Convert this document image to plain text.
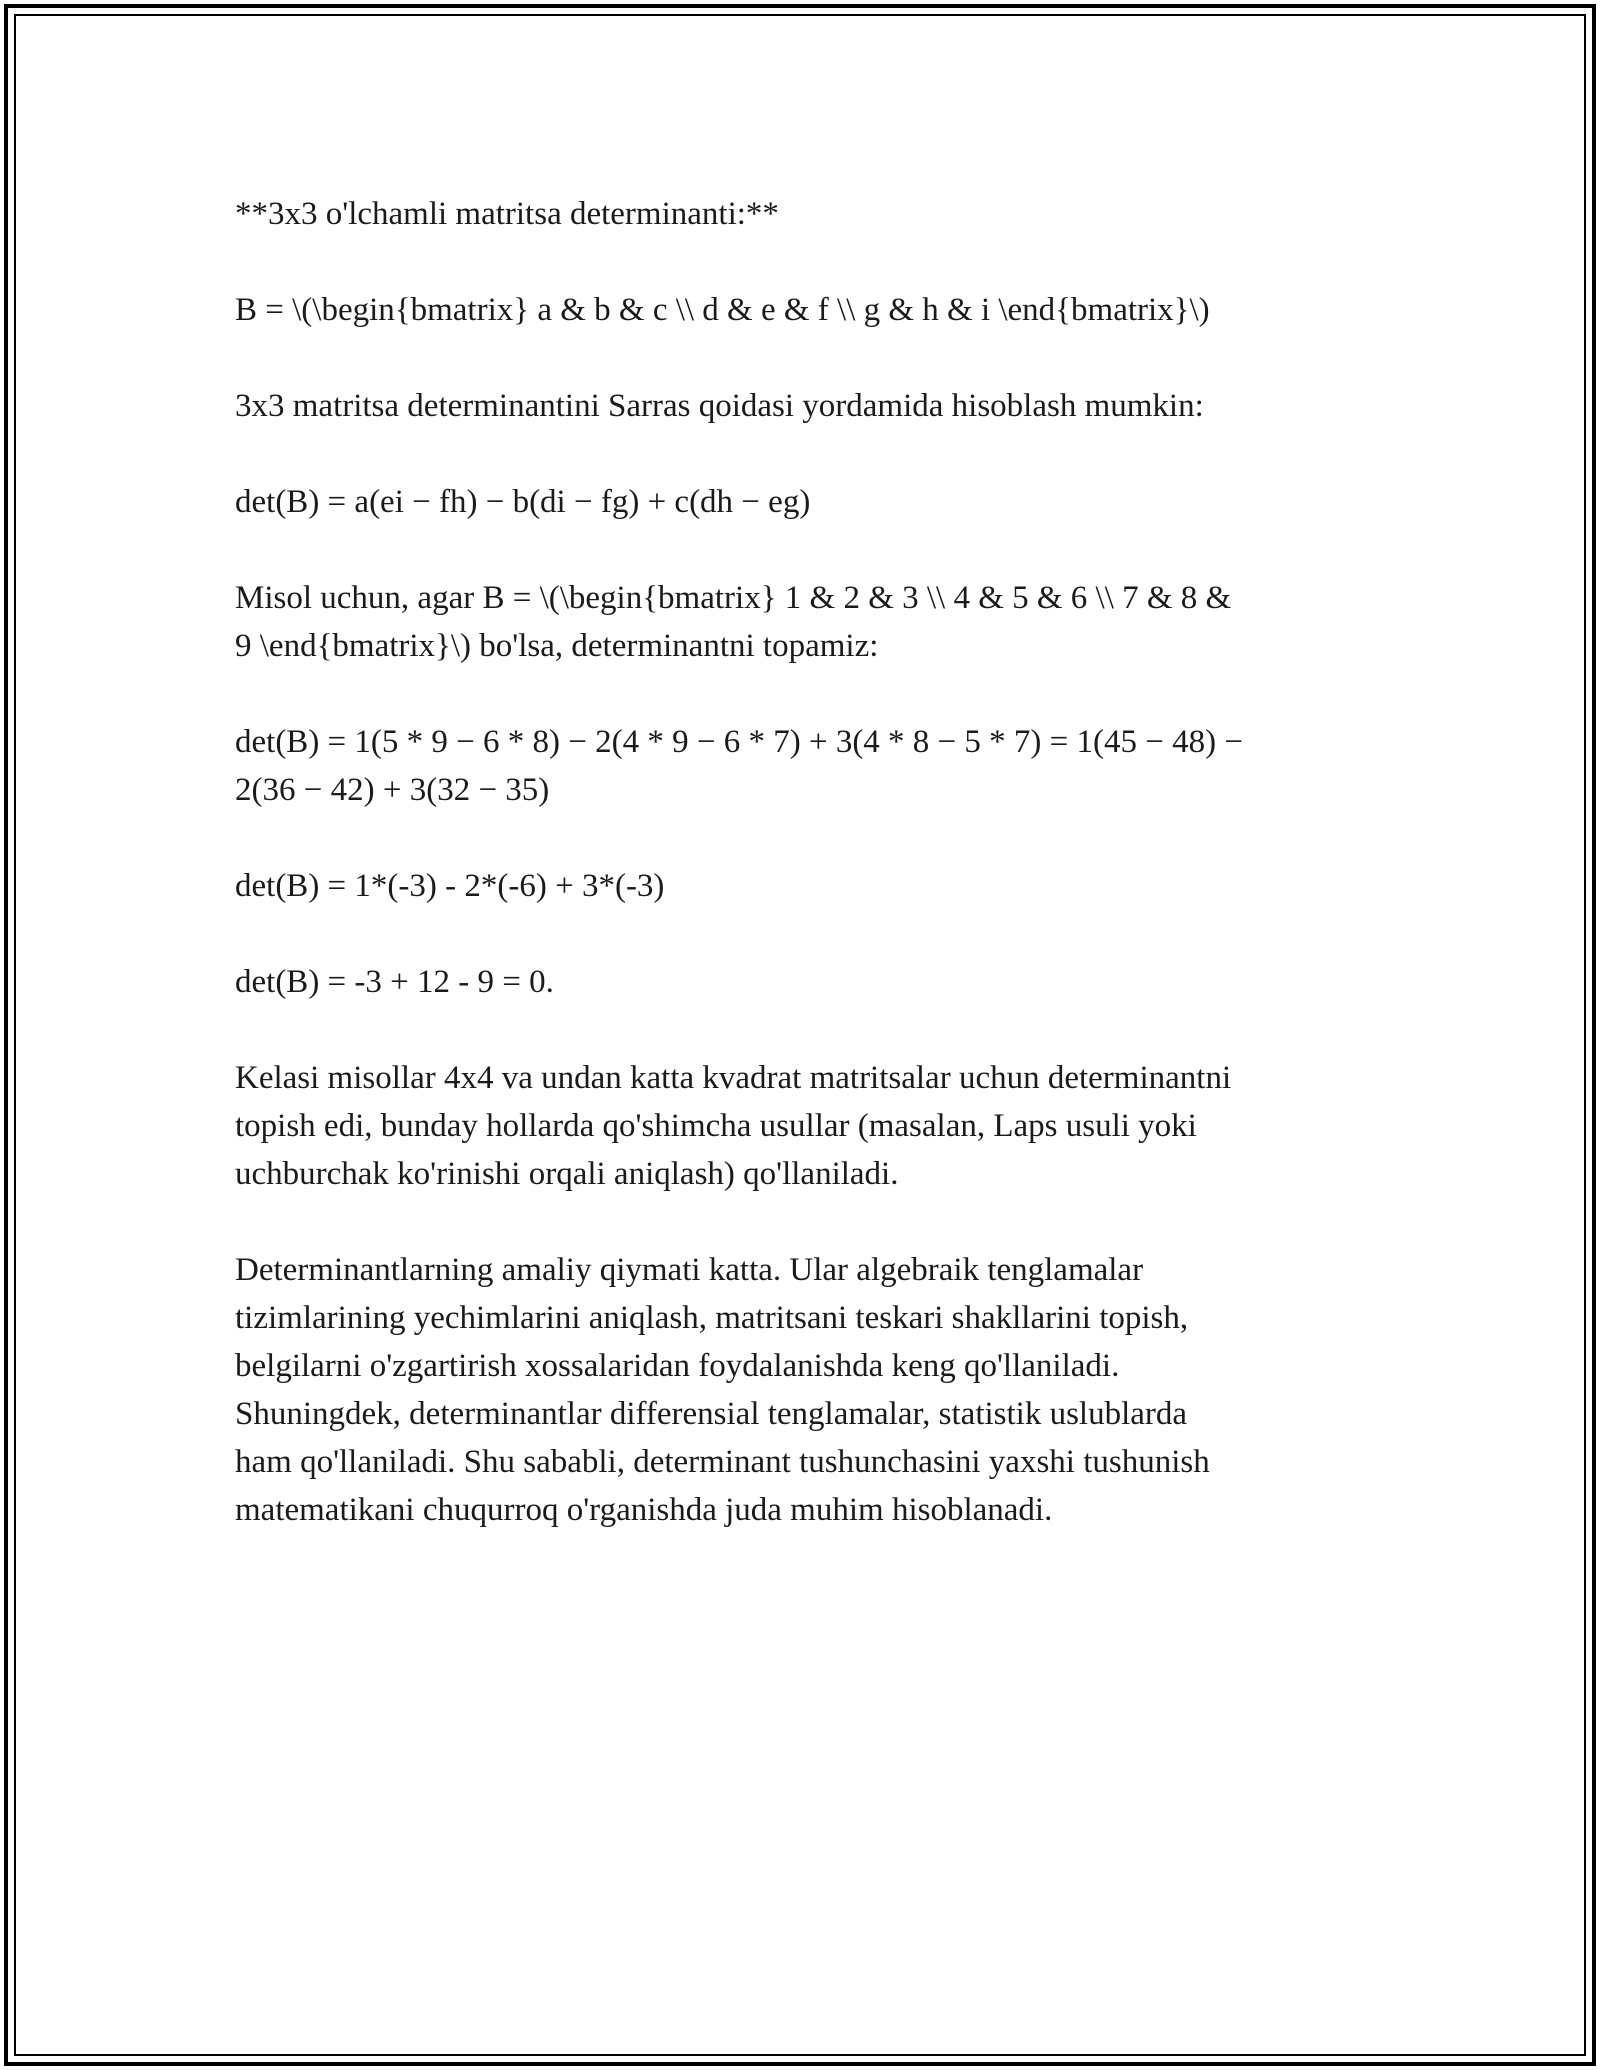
**3x3 o'lchamli matritsa determinanti:**

B = \(\begin{bmatrix} a & b & c \\ d & e & f \\ g & h & i \end{bmatrix}\)

3x3 matritsa determinantini Sarras qoidasi yordamida hisoblash mumkin:

det(B) = a(ei − fh) − b(di − fg) + c(dh − eg)

Misol uchun, agar B = \(\begin{bmatrix} 1 & 2 & 3 \\ 4 & 5 & 6 \\ 7 & 8 &
9 \end{bmatrix}\) bo'lsa, determinantni topamiz:

det(B) = 1(5 * 9 − 6 * 8) − 2(4 * 9 − 6 * 7) + 3(4 * 8 − 5 * 7) = 1(45 − 48) −
2(36 − 42) + 3(32 − 35)

det(B) = 1*(-3) - 2*(-6) + 3*(-3)

det(B) = -3 + 12 - 9 = 0.

Kelasi misollar 4x4 va undan katta kvadrat matritsalar uchun determinantni
topish edi, bunday hollarda qo'shimcha usullar (masalan, Laps usuli yoki
uchburchak ko'rinishi orqali aniqlash) qo'llaniladi.

Determinantlarning amaliy qiymati katta. Ular algebraik tenglamalar
tizimlarining yechimlarini aniqlash, matritsani teskari shakllarini topish,
belgilarni o'zgartirish xossalaridan foydalanishda keng qo'llaniladi.
Shuningdek, determinantlar differensial tenglamalar, statistik uslublarda
ham qo'llaniladi. Shu sababli, determinant tushunchasini yaxshi tushunish
matematikani chuqurroq o'rganishda juda muhim hisoblanadi.
